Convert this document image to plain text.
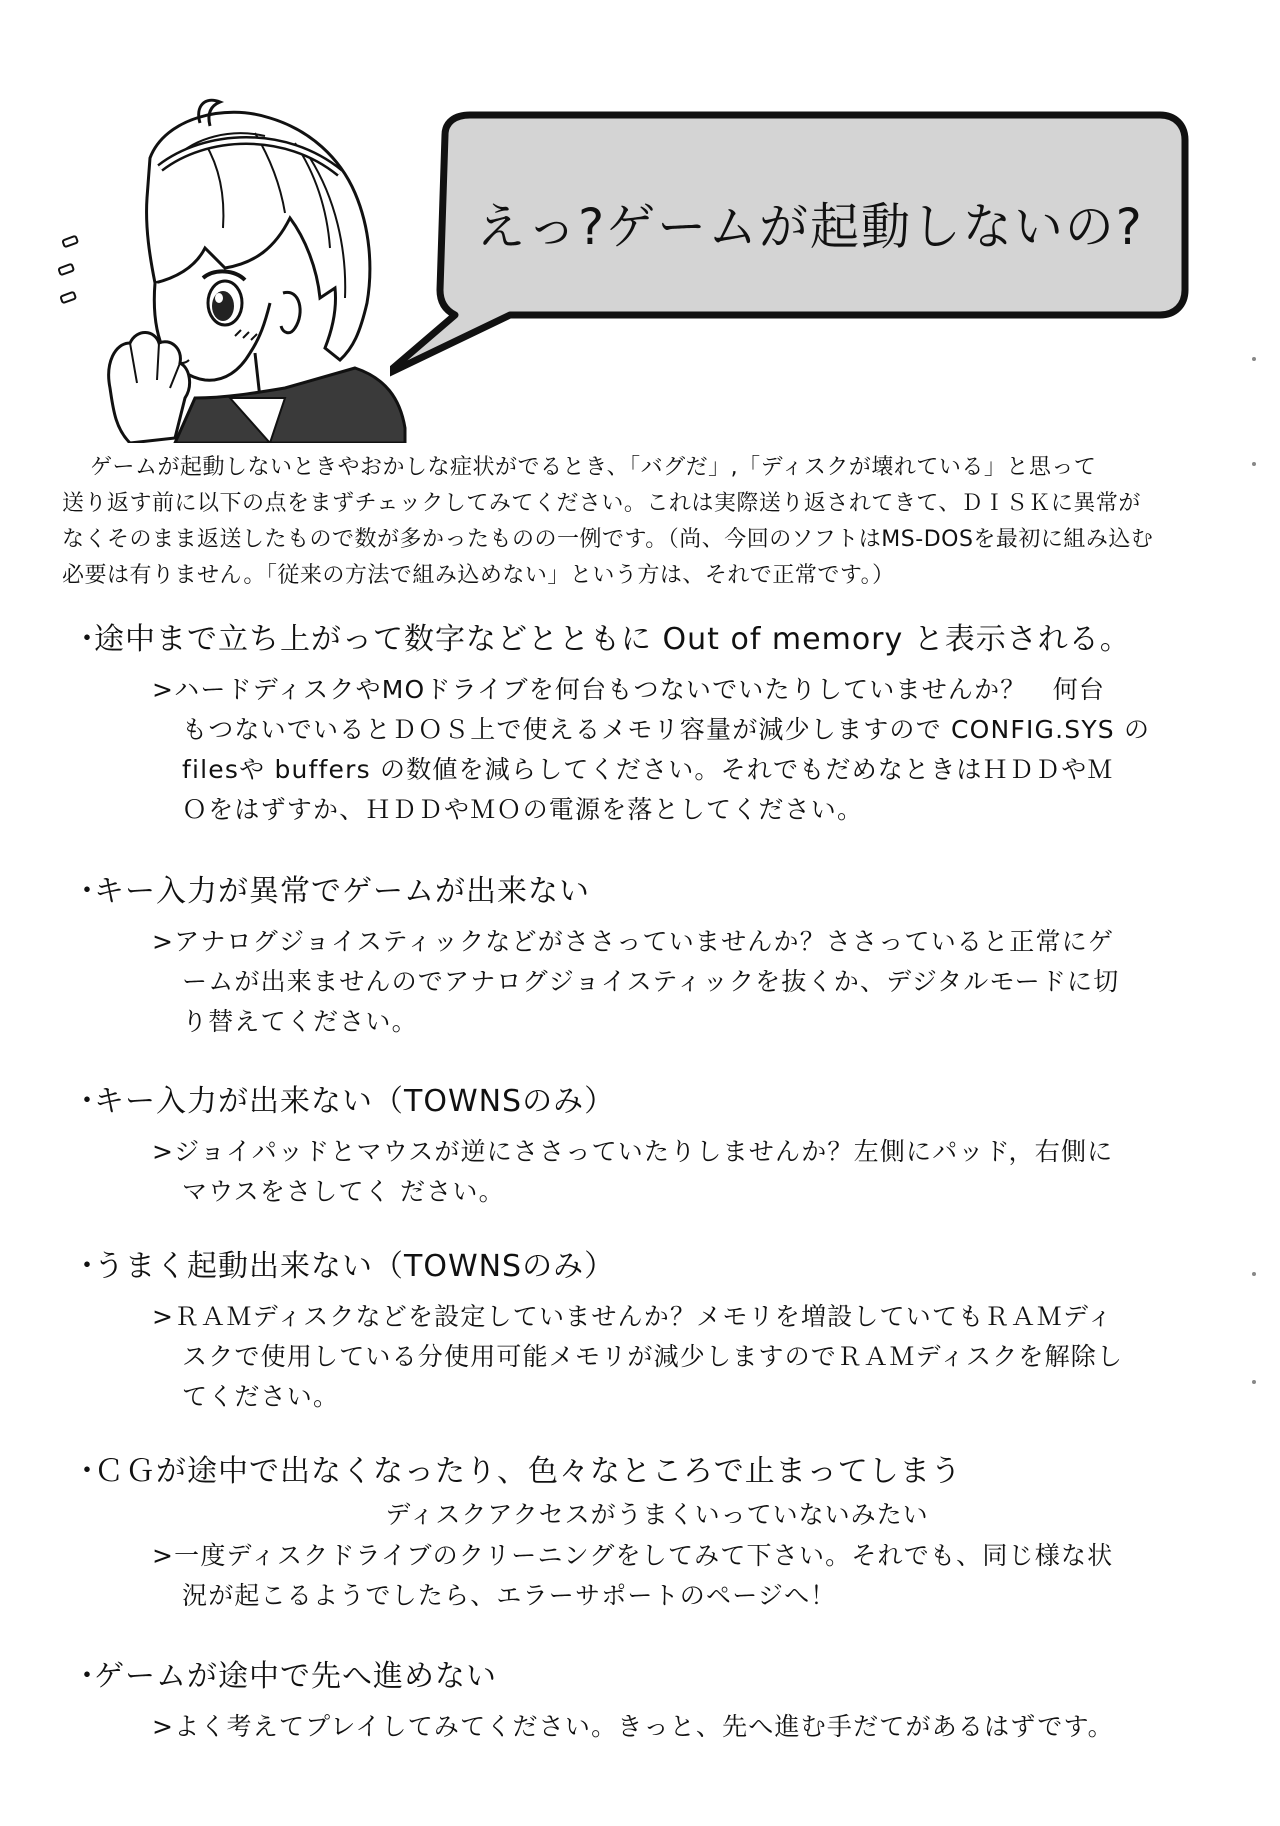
えっ?ゲームが起動しないの?
ゲームが起動しないときやおかしな症状がでるとき、「バグだ」,「ディスクが壊れている」と思って
送り返す前に以下の点をまずチェックしてみてください。これは実際送り返されてきて、ＤＩＳＫに異常が
なくそのまま返送したもので数が多かったものの一例です。（尚、今回のソフトはMS-DOSを最初に組み込む
必要は有りません。「従来の方法で組み込めない」という方は、それで正常です。）
・途中まで立ち上がって数字などとともに Out of memory と表示される。
>ハードディスクやMOドライブを何台もつないでいたりしていませんか？　何台
もつないでいるとＤＯＳ上で使えるメモリ容量が減少しますので CONFIG.SYS の
filesや buffers の数値を減らしてください。それでもだめなときはＨＤＤやＭ
Ｏをはずすか、ＨＤＤやＭＯの電源を落としてください。
・キー入力が異常でゲームが出来ない
>アナログジョイスティックなどがささっていませんか？ささっていると正常にゲ
ームが出来ませんのでアナログジョイスティックを抜くか、デジタルモードに切
り替えてください。
・キー入力が出来ない（TOWNSのみ）
>ジョイパッドとマウスが逆にささっていたりしませんか？左側にパッド，右側に
マウスをさしてく ださい。
・うまく起動出来ない（TOWNSのみ）
>ＲＡＭディスクなどを設定していませんか？メモリを増設していてもＲＡＭディ
スクで使用している分使用可能メモリが減少しますのでＲＡＭディスクを解除し
てください。
・ＣＧが途中で出なくなったり、色々なところで止まってしまう
ディスクアクセスがうまくいっていないみたい
>一度ディスクドライブのクリーニングをしてみて下さい。それでも、同じ様な状
況が起こるようでしたら、エラーサポートのページへ！
・ゲームが途中で先へ進めない
>よく考えてプレイしてみてください。きっと、先へ進む手だてがあるはずです。
